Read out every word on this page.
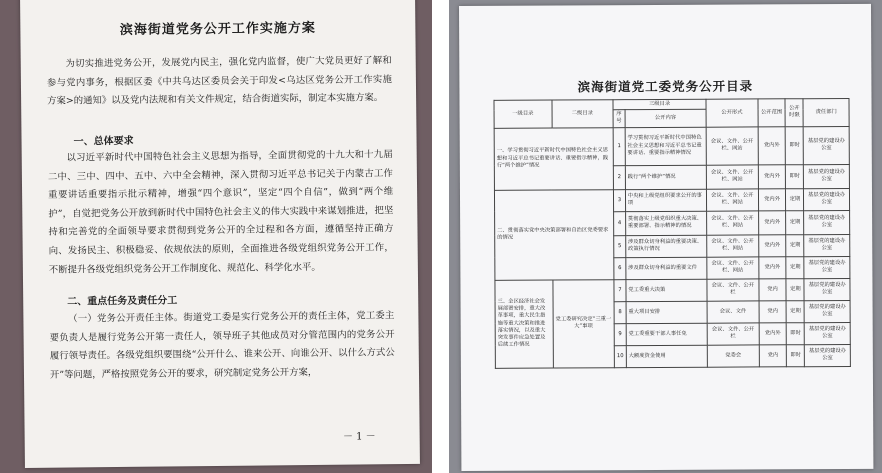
滨海街道党务公开工作实施方案
为切实推进党务公开，发展党内民主，强化党内监督，使广大党员更好了解和参与党内事务，根据区委《中共乌达区委员会关于印发<乌达区党务公开工作实施方案>的通知》以及党内法规和有关文件规定，结合街道实际，制定本实施方案。
一、总体要求
以习近平新时代中国特色社会主义思想为指导，全面贯彻党的十九大和十九届二中、三中、四中、五中、六中全会精神，深入贯彻习近平总书记关于内蒙古工作重要讲话重要指示批示精神，增强“四个意识”，坚定“四个自信”，做到“两个维护”，自觉把党务公开放到新时代中国特色社会主义的伟大实践中来谋划推进，把坚持和完善党的全面领导要求贯彻到党务公开的全过程和各方面，遵循坚持正确方向、发扬民主、积极稳妥、依规依法的原则，全面推进各级党组织党务公开工作，不断提升各级党组织党务公开工作制度化、规范化、科学化水平。
二、重点任务及责任分工
（一）党务公开责任主体。街道党工委是实行党务公开的责任主体，党工委主要负责人是履行党务公开第一责任人，领导班子其他成员对分管范围内的党务公开履行领导责任。各级党组织要围绕“公开什么、谁来公开、向谁公开、以什么方式公开”等问题，严格按照党务公开的要求，研究制定党务公开方案，
－ 1 －
滨海街道党工委党务公开目录
一级目录	二级目录	三级目录		公开形式	公开范围	公开时限	责任部门
		序号	公开内容				
一、学习贯彻习近平新时代中国特色社会主义思想和习近平总书记重要讲话、重要指示精神，践行“两个维护”情况		1	学习贯彻习近平新时代中国特色社会主义思想和习近平总书记重要讲话、重要指示精神情况	会议、文件、公开栏、网站	党内外	即时	基层党的建设办公室
		2	践行“两个维护”情况	会议、文件、公开栏、网站	党内外	即时	基层党的建设办公室
二、贯彻落实党中央决策部署和自治区党委要求的情况		3	中央和上级党组织要求公开的事项	会议、文件、公开栏、网站	党内外	定期	基层党的建设办公室
		4	贯彻落实上级党组织重大决策、重要部署、指示精神的情况	会议、文件、公开栏、网站	党内外	定期	基层党的建设办公室
		5	涉及群众切身利益的重要决策、政策执行情况	会议、文件、公开栏、网站	党内外	定期	基层党的建设办公室
		6	涉及群众切身利益的重要文件	会议、文件、公开栏、网站	党内外	定期	基层党的建设办公室
三、全区经济社会发展部署安排，重大改革事项，重大民生措施等重大决策和推进落实情况，以及重大突发事件应急处置及后续工作情况	党工委研究决定“三重一大”事项	7	党工委重大决策	会议、文件、公开栏	党内	定期	基层党的建设办公室
		8	重大项目安排	会议、文件	党内	定期	基层党的建设办公室
		9	党工委重要干部人事任免	会议、文件、公开栏	党内外	即时	基层党的建设办公室
		10	大额度资金使用	党委会	党内	即时	基层党的建设办公室
